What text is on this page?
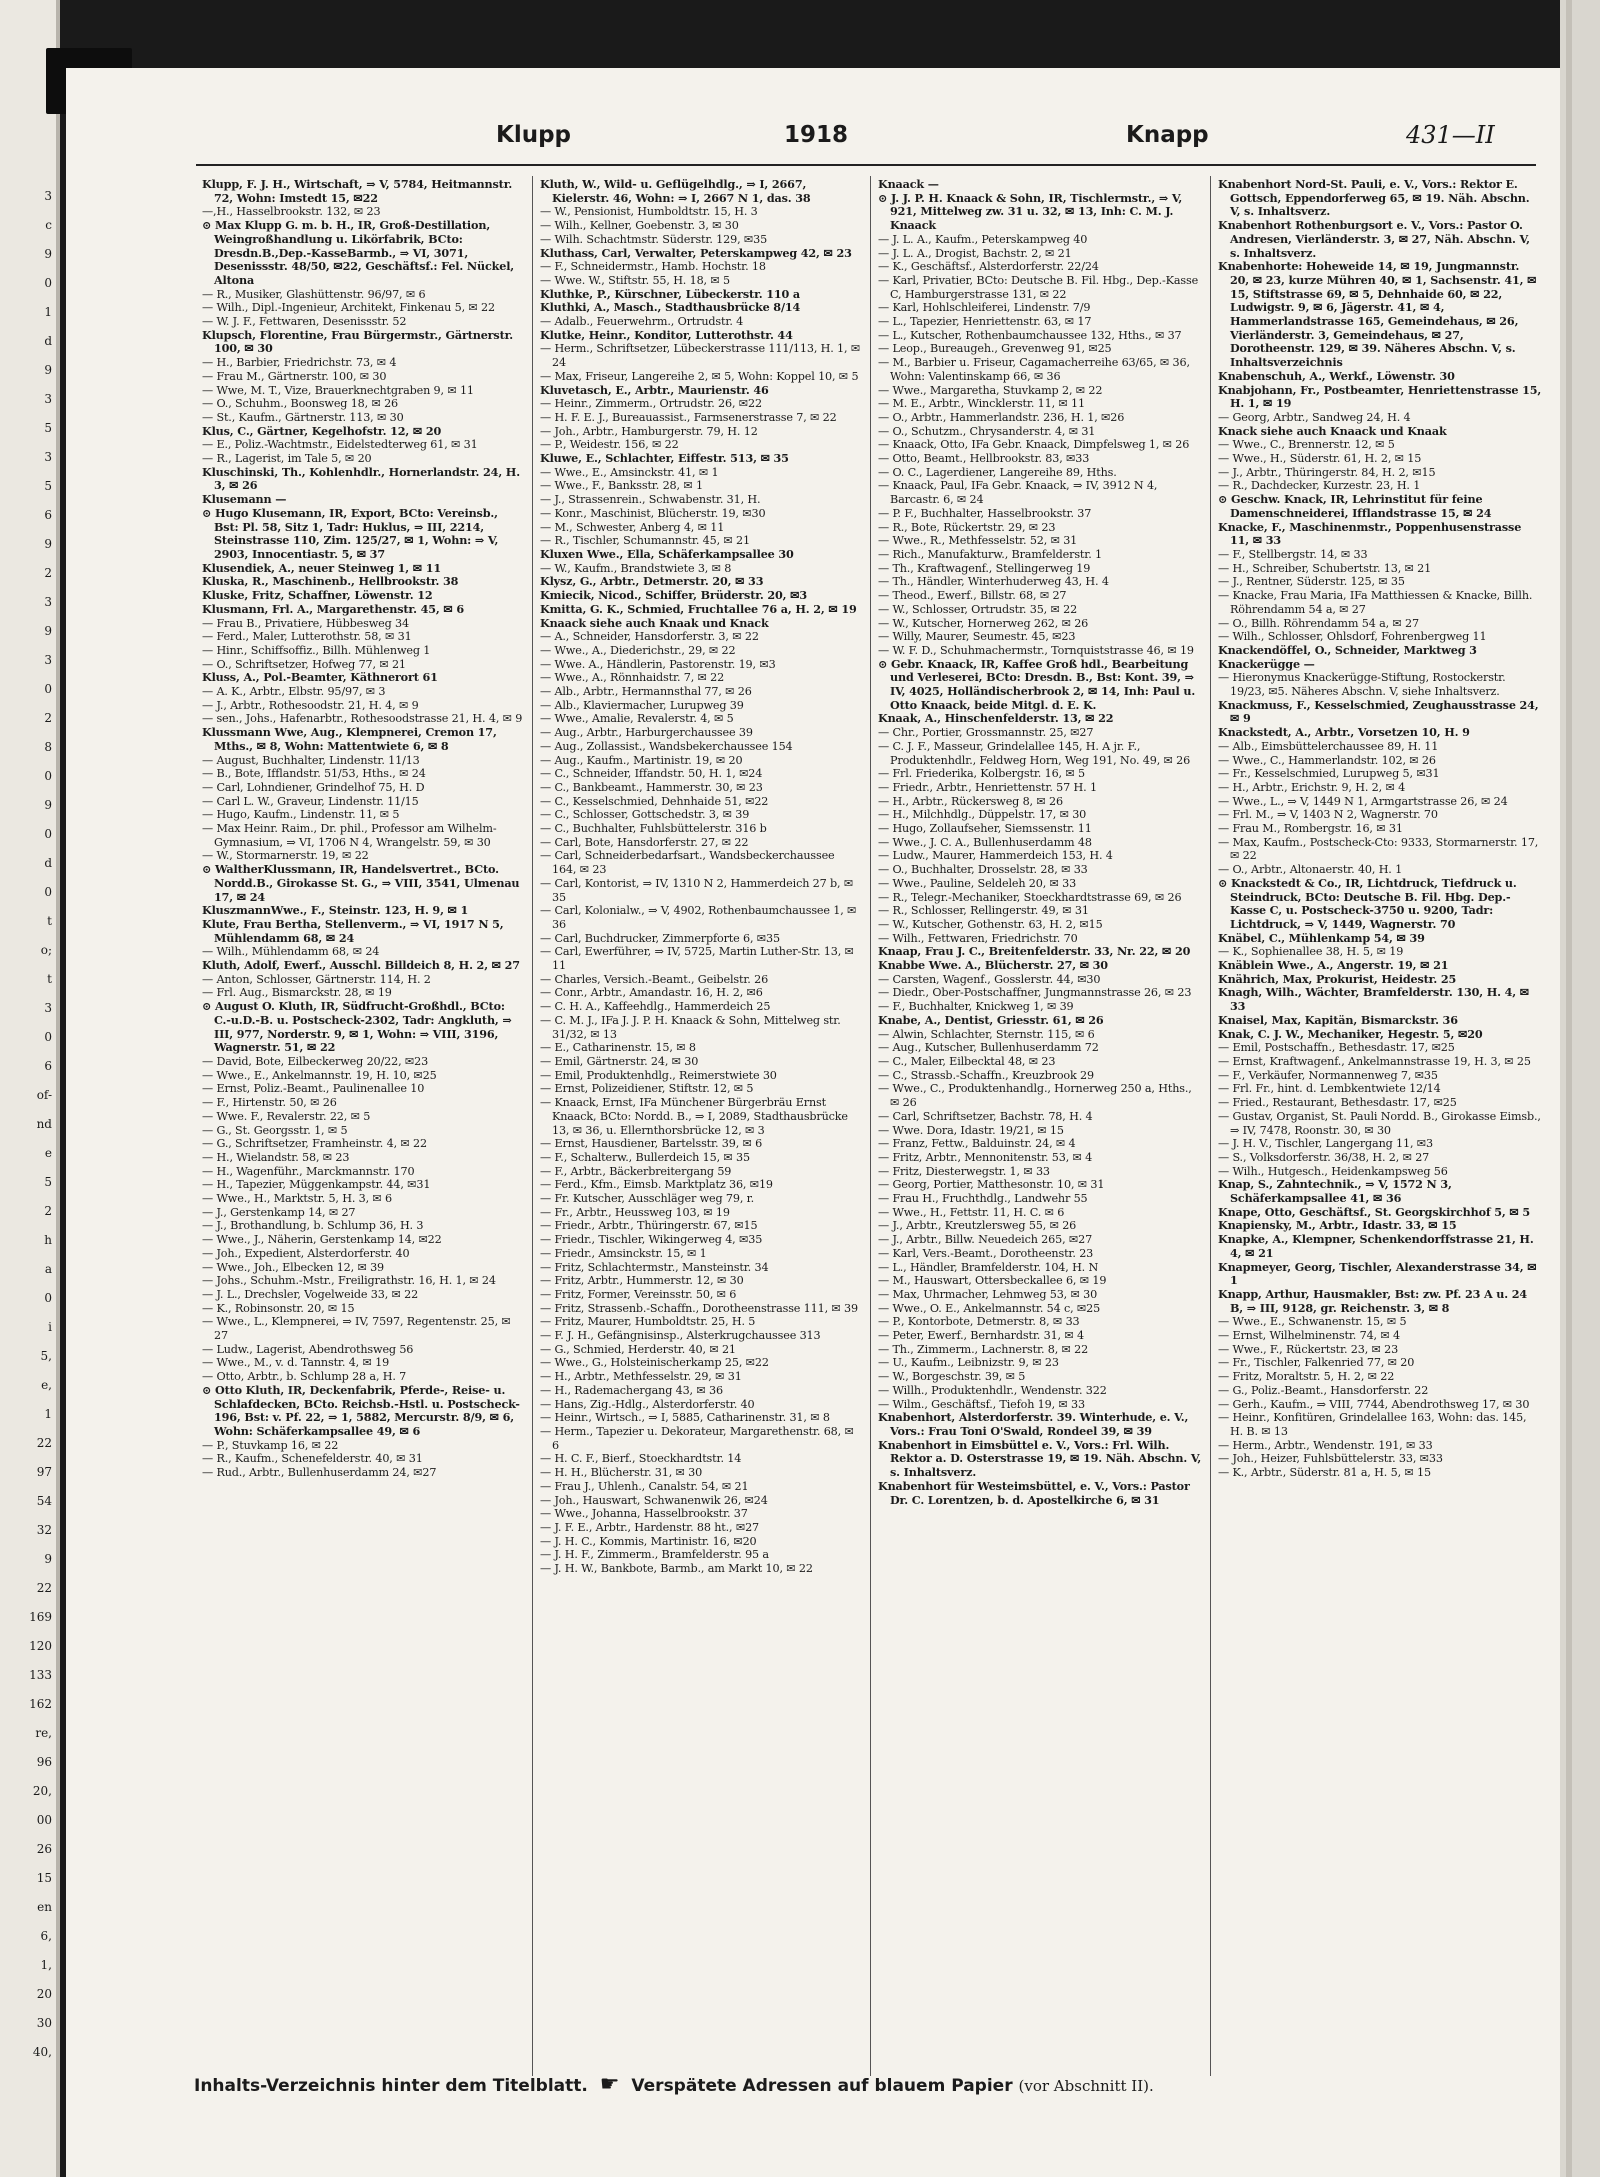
3
c
9
0
1
d
9
3
5
3
5
6
9
2
3
9
3
0
2
8
0
9
0
d
0
t
o;
t
3
0
6
of-
nd
e
5
2
h
a
0
i
5,
e,
1
22
97
54
32
9
22
169
120
133
162
re,
96
20,
00
26
15
en
6,
1,
20
30
40,
Klupp	1918	Knapp	431—II

Klupp, F. J. H., Wirtschaft, ⇒ V, 5784, Heitmannstr. 72, Wohn: Imstedt 15, ✉22

—,H., Hasselbrookstr. 132, ✉ 23

⊙ Max Klupp G. m. b. H., IR, Groß-Destillation, Weingroßhandlung u. Likörfabrik, BCto: Dresdn.B.,Dep.-KasseBarmb., ⇒ VI, 3071, Desenissstr. 48/50, ✉22, Geschäftsf.: Fel. Nückel, Altona

— R., Musiker, Glashüttenstr. 96/97, ✉ 6

— Wilh., Dipl.-Ingenieur, Architekt, Finkenau 5, ✉ 22

— W. J. F., Fettwaren, Desenissstr. 52

Klupsch, Florentine, Frau Bürgermstr., Gärtnerstr. 100, ✉ 30

— H., Barbier, Friedrichstr. 73, ✉ 4

— Frau M., Gärtnerstr. 100, ✉ 30

— Wwe, M. T., Vize, Brauerknechtgraben 9, ✉ 11

— O., Schuhm., Boonsweg 18, ✉ 26

— St., Kaufm., Gärtnerstr. 113, ✉ 30

Klus, C., Gärtner, Kegelhofstr. 12, ✉ 20

— E., Poliz.-Wachtmstr., Eidelstedterweg 61, ✉ 31

— R., Lagerist, im Tale 5, ✉ 20

Kluschinski, Th., Kohlenhdlr., Hornerlandstr. 24, H. 3, ✉ 26

Klusemann —

⊙ Hugo Klusemann, IR, Export, BCto: Vereinsb., Bst: Pl. 58, Sitz 1, Tadr: Huklus, ⇒ III, 2214, Steinstrasse 110, Zim. 125/27, ✉ 1, Wohn: ⇒ V, 2903, Innocentiastr. 5, ✉ 37

Klusendiek, A., neuer Steinweg 1, ✉ 11

Kluska, R., Maschinenb., Hellbrookstr. 38

Kluske, Fritz, Schaffner, Löwenstr. 12

Klusmann, Frl. A., Margarethenstr. 45, ✉ 6

— Frau B., Privatiere, Hübbesweg 34

— Ferd., Maler, Lutterothstr. 58, ✉ 31

— Hinr., Schiffsoffiz., Billh. Mühlenweg 1

— O., Schriftsetzer, Hofweg 77, ✉ 21

Kluss, A., Pol.-Beamter, Käthnerort 61

— A. K., Arbtr., Elbstr. 95/97, ✉ 3

— J., Arbtr., Rothesoodstr. 21, H. 4, ✉ 9

— sen., Johs., Hafenarbtr., Rothesoodstrasse 21, H. 4, ✉ 9

Klussmann Wwe, Aug., Klempnerei, Cremon 17, Mths., ✉ 8, Wohn: Mattentwiete 6, ✉ 8

— August, Buchhalter, Lindenstr. 11/13

— B., Bote, Ifflandstr. 51/53, Hths., ✉ 24

— Carl, Lohndiener, Grindelhof 75, H. D

— Carl L. W., Graveur, Lindenstr. 11/15

— Hugo, Kaufm., Lindenstr. 11, ✉ 5

— Max Heinr. Raim., Dr. phil., Professor am Wilhelm-Gymnasium, ⇒ VI, 1706 N 4, Wrangelstr. 59, ✉ 30

— W., Stormarnerstr. 19, ✉ 22

⊙ WaltherKlussmann, IR, Handelsvertret., BCto. Nordd.B., Girokasse St. G., ⇒ VIII, 3541, Ulmenau 17, ✉ 24

KluszmannWwe., F., Steinstr. 123, H. 9, ✉ 1

Klute, Frau Bertha, Stellenverm., ⇒ VI, 1917 N 5, Mühlendamm 68, ✉ 24

— Wilh., Mühlendamm 68, ✉ 24

Kluth, Adolf, Ewerf., Ausschl. Billdeich 8, H. 2, ✉ 27

— Anton, Schlosser, Gärtnerstr. 114, H. 2

— Frl. Aug., Bismarckstr. 28, ✉ 19

⊙ August O. Kluth, IR, Südfrucht-Großhdl., BCto: C.-u.D.-B. u. Postscheck-2302, Tadr: Angkluth, ⇒ III, 977, Norderstr. 9, ✉ 1, Wohn: ⇒ VIII, 3196, Wagnerstr. 51, ✉ 22

— David, Bote, Eilbeckerweg 20/22, ✉23

— Wwe., E., Ankelmannstr. 19, H. 10, ✉25

— Ernst, Poliz.-Beamt., Paulinenallee 10

— F., Hirtenstr. 50, ✉ 26

— Wwe. F., Revalerstr. 22, ✉ 5

— G., St. Georgsstr. 1, ✉ 5

— G., Schriftsetzer, Framheinstr. 4, ✉ 22

— H., Wielandstr. 58, ✉ 23

— H., Wagenführ., Marckmannstr. 170

— H., Tapezier, Müggenkampstr. 44, ✉31

— Wwe., H., Marktstr. 5, H. 3, ✉ 6

— J., Gerstenkamp 14, ✉ 27

— J., Brothandlung, b. Schlump 36, H. 3

— Wwe., J., Näherin, Gerstenkamp 14, ✉22

— Joh., Expedient, Alsterdorferstr. 40

— Wwe., Joh., Elbecken 12, ✉ 39

— Johs., Schuhm.-Mstr., Freiligrathstr. 16, H. 1, ✉ 24

— J. L., Drechsler, Vogelweide 33, ✉ 22

— K., Robinsonstr. 20, ✉ 15

— Wwe., L., Klempnerei, ⇒ IV, 7597, Regentenstr. 25, ✉ 27

— Ludw., Lagerist, Abendrothsweg 56

— Wwe., M., v. d. Tannstr. 4, ✉ 19

— Otto, Arbtr., b. Schlump 28 a, H. 7

⊙ Otto Kluth, IR, Deckenfabrik, Pferde-, Reise- u. Schlafdecken, BCto. Reichsb.-Hstl. u. Postscheck-196, Bst: v. Pf. 22, ⇒ 1, 5882, Mercurstr. 8/9, ✉ 6, Wohn: Schäferkampsallee 49, ✉ 6

— P., Stuvkamp 16, ✉ 22

— R., Kaufm., Schenefelderstr. 40, ✉ 31

— Rud., Arbtr., Bullenhuserdamm 24, ✉27

Kluth, W., Wild- u. Geflügelhdlg., ⇒ I, 2667, Kielerstr. 46, Wohn: ⇒ I, 2667 N 1, das. 38

— W., Pensionist, Humboldtstr. 15, H. 3

— Wilh., Kellner, Goebenstr. 3, ✉ 30

— Wilh. Schachtmstr. Süderstr. 129, ✉35

Kluthass, Carl, Verwalter, Peterskampweg 42, ✉ 23

— F., Schneidermstr., Hamb. Hochstr. 18

— Wwe. W., Stiftstr. 55, H. 18, ✉ 5

Kluthke, P., Kürschner, Lübeckerstr. 110 a

Kluthki, A., Masch., Stadthausbrücke 8/14

— Adalb., Feuerwehrm., Ortrudstr. 4

Klutke, Heinr., Konditor, Lutterothstr. 44

— Herm., Schriftsetzer, Lübeckerstrasse 111/113, H. 1, ✉ 24

— Max, Friseur, Langereihe 2, ✉ 5, Wohn: Koppel 10, ✉ 5

Kluvetasch, E., Arbtr., Maurienstr. 46

— Heinr., Zimmerm., Ortrudstr. 26, ✉22

— H. F. E. J., Bureauassist., Farmsenerstrasse 7, ✉ 22

— Joh., Arbtr., Hamburgerstr. 79, H. 12

— P., Weidestr. 156, ✉ 22

Kluwe, E., Schlachter, Eiffestr. 513, ✉ 35

— Wwe., E., Amsinckstr. 41, ✉ 1

— Wwe., F., Banksstr. 28, ✉ 1

— J., Strassenrein., Schwabenstr. 31, H.

— Konr., Maschinist, Blücherstr. 19, ✉30

— M., Schwester, Anberg 4, ✉ 11

— R., Tischler, Schumannstr. 45, ✉ 21

Kluxen Wwe., Ella, Schäferkampsallee 30

— W., Kaufm., Brandstwiete 3, ✉ 8

Klysz, G., Arbtr., Detmerstr. 20, ✉ 33

Kmiecik, Nicod., Schiffer, Brüderstr. 20, ✉3

Kmitta, G. K., Schmied, Fruchtallee 76 a, H. 2, ✉ 19

Knaack siehe auch Knaak und Knack

— A., Schneider, Hansdorferstr. 3, ✉ 22

— Wwe., A., Diederichstr., 29, ✉ 22

— Wwe. A., Händlerin, Pastorenstr. 19, ✉3

— Wwe., A., Rönnhaidstr. 7, ✉ 22

— Alb., Arbtr., Hermannsthal 77, ✉ 26

— Alb., Klaviermacher, Lurupweg 39

— Wwe., Amalie, Revalerstr. 4, ✉ 5

— Aug., Arbtr., Harburgerchaussee 39

— Aug., Zollassist., Wandsbekerchaussee 154

— Aug., Kaufm., Martinistr. 19, ✉ 20

— C., Schneider, Iffandstr. 50, H. 1, ✉24

— C., Bankbeamt., Hammerstr. 30, ✉ 23

— C., Kesselschmied, Dehnhaide 51, ✉22

— C., Schlosser, Gottschedstr. 3, ✉ 39

— C., Buchhalter, Fuhlsbüttelerstr. 316 b

— Carl, Bote, Hansdorferstr. 27, ✉ 22

— Carl, Schneiderbedarfsart., Wandsbeckerchaussee 164, ✉ 23

— Carl, Kontorist, ⇒ IV, 1310 N 2, Hammerdeich 27 b, ✉ 35

— Carl, Kolonialw., ⇒ V, 4902, Rothenbaumchaussee 1, ✉ 36

— Carl, Buchdrucker, Zimmerpforte 6, ✉35

— Carl, Ewerführer, ⇒ IV, 5725, Martin Luther-Str. 13, ✉ 11

— Charles, Versich.-Beamt., Geibelstr. 26

— Conr., Arbtr., Amandastr. 16, H. 2, ✉6

— C. H. A., Kaffeehdlg., Hammerdeich 25

— C. M. J., IFa J. J. P. H. Knaack & Sohn, Mittelweg str. 31/32, ✉ 13

— E., Catharinenstr. 15, ✉ 8

— Emil, Gärtnerstr. 24, ✉ 30

— Emil, Produktenhdlg., Reimerstwiete 30

— Ernst, Polizeidiener, Stiftstr. 12, ✉ 5

— Knaack, Ernst, IFa Münchener Bürgerbräu Ernst Knaack, BCto: Nordd. B., ⇒ I, 2089, Stadthausbrücke 13, ✉ 36, u. Ellernthorsbrücke 12, ✉ 3

— Ernst, Hausdiener, Bartelsstr. 39, ✉ 6

— F., Schalterw., Bullerdeich 15, ✉ 35

— F., Arbtr., Bäckerbreitergang 59

— Ferd., Kfm., Eimsb. Marktplatz 36, ✉19

— Fr. Kutscher, Ausschläger weg 79, r.

— Fr., Arbtr., Heussweg 103, ✉ 19

— Friedr., Arbtr., Thüringerstr. 67, ✉15

— Friedr., Tischler, Wikingerweg 4, ✉35

— Friedr., Amsinckstr. 15, ✉ 1

— Fritz, Schlachtermstr., Mansteinstr. 34

— Fritz, Arbtr., Hummerstr. 12, ✉ 30

— Fritz, Former, Vereinsstr. 50, ✉ 6

— Fritz, Strassenb.-Schaffn., Dorotheenstrasse 111, ✉ 39

— Fritz, Maurer, Humboldtstr. 25, H. 5

— F. J. H., Gefängnisinsp., Alsterkrugchaussee 313

— G., Schmied, Herderstr. 40, ✉ 21

— Wwe., G., Holsteinischerkamp 25, ✉22

— H., Arbtr., Methfesselstr. 29, ✉ 31

— H., Rademachergang 43, ✉ 36

— Hans, Zig.-Hdlg., Alsterdorferstr. 40

— Heinr., Wirtsch., ⇒ I, 5885, Catharinenstr. 31, ✉ 8

— Herm., Tapezier u. Dekorateur, Margarethenstr. 68, ✉ 6

— H. C. F., Bierf., Stoeckhardtstr. 14

— H. H., Blücherstr. 31, ✉ 30

— Frau J., Uhlenh., Canalstr. 54, ✉ 21

— Joh., Hauswart, Schwanenwik 26, ✉24

— Wwe., Johanna, Hasselbrookstr. 37

— J. F. E., Arbtr., Hardenstr. 88 ht., ✉27

— J. H. C., Kommis, Martinistr. 16, ✉20

— J. H. F., Zimmerm., Bramfelderstr. 95 a

— J. H. W., Bankbote, Barmb., am Markt 10, ✉ 22

Knaack —

⊙ J. J. P. H. Knaack & Sohn, IR, Tischlermstr., ⇒ V, 921, Mittelweg zw. 31 u. 32, ✉ 13, Inh: C. M. J. Knaack

— J. L. A., Kaufm., Peterskampweg 40

— J. L. A., Drogist, Bachstr. 2, ✉ 21

— K., Geschäftsf., Alsterdorferstr. 22/24

— Karl, Privatier, BCto: Deutsche B. Fil. Hbg., Dep.-Kasse C, Hamburgerstrasse 131, ✉ 22

— Karl, Hohlschleiferei, Lindenstr. 7/9

— L., Tapezier, Henriettenstr. 63, ✉ 17

— L., Kutscher, Rothenbaumchaussee 132, Hths., ✉ 37

— Leop., Bureaugeh., Grevenweg 91, ✉25

— M., Barbier u. Friseur, Cagamacherreihe 63/65, ✉ 36, Wohn: Valentinskamp 66, ✉ 36

— Wwe., Margaretha, Stuvkamp 2, ✉ 22

— M. E., Arbtr., Wincklerstr. 11, ✉ 11

— O., Arbtr., Hammerlandstr. 236, H. 1, ✉26

— O., Schutzm., Chrysanderstr. 4, ✉ 31

— Knaack, Otto, IFa Gebr. Knaack, Dimpfelsweg 1, ✉ 26

— Otto, Beamt., Hellbrookstr. 83, ✉33

— O. C., Lagerdiener, Langereihe 89, Hths.

— Knaack, Paul, IFa Gebr. Knaack, ⇒ IV, 3912 N 4, Barcastr. 6, ✉ 24

— P. F., Buchhalter, Hasselbrookstr. 37

— R., Bote, Rückertstr. 29, ✉ 23

— Wwe., R., Methfesselstr. 52, ✉ 31

— Rich., Manufakturw., Bramfelderstr. 1

— Th., Kraftwagenf., Stellingerweg 19

— Th., Händler, Winterhuderweg 43, H. 4

— Theod., Ewerf., Billstr. 68, ✉ 27

— W., Schlosser, Ortrudstr. 35, ✉ 22

— W., Kutscher, Hornerweg 262, ✉ 26

— Willy, Maurer, Seumestr. 45, ✉23

— W. F. D., Schuhmachermstr., Tornquiststrasse 46, ✉ 19

⊙ Gebr. Knaack, IR, Kaffee Groß hdl., Bearbeitung und Verleserei, BCto: Dresdn. B., Bst: Kont. 39, ⇒ IV, 4025, Holländischerbrook 2, ✉ 14, Inh: Paul u. Otto Knaack, beide Mitgl. d. E. K.

Knaak, A., Hinschenfelderstr. 13, ✉ 22

— Chr., Portier, Grossmannstr. 25, ✉27

— C. J. F., Masseur, Grindelallee 145, H. A jr. F., Produktenhdlr., Feldweg Horn, Weg 191, No. 49, ✉ 26

— Frl. Friederika, Kolbergstr. 16, ✉ 5

— Friedr., Arbtr., Henriettenstr. 57 H. 1

— H., Arbtr., Rückersweg 8, ✉ 26

— H., Milchhdlg., Düppelstr. 17, ✉ 30

— Hugo, Zollaufseher, Siemssenstr. 11

— Wwe., J. C. A., Bullenhuserdamm 48

— Ludw., Maurer, Hammerdeich 153, H. 4

— O., Buchhalter, Drosselstr. 28, ✉ 33

— Wwe., Pauline, Seldeleh 20, ✉ 33

— R., Telegr.-Mechaniker, Stoeckhardtstrasse 69, ✉ 26

— R., Schlosser, Rellingerstr. 49, ✉ 31

— W., Kutscher, Gothenstr. 63, H. 2, ✉15

— Wilh., Fettwaren, Friedrichstr. 70

Knaap, Frau J. C., Breitenfelderstr. 33, Nr. 22, ✉ 20

Knabbe Wwe. A., Blücherstr. 27, ✉ 30

— Carsten, Wagenf., Gosslerstr. 44, ✉30

— Diedr., Ober-Postschaffner, Jungmannstrasse 26, ✉ 23

— F., Buchhalter, Knickweg 1, ✉ 39

Knabe, A., Dentist, Griesstr. 61, ✉ 26

— Alwin, Schlachter, Sternstr. 115, ✉ 6

— Aug., Kutscher, Bullenhuserdamm 72

— C., Maler, Eilbecktal 48, ✉ 23

— C., Strassb.-Schaffn., Kreuzbrook 29

— Wwe., C., Produktenhandlg., Hornerweg 250 a, Hths., ✉ 26

— Carl, Schriftsetzer, Bachstr. 78, H. 4

— Wwe. Dora, Idastr. 19/21, ✉ 15

— Franz, Fettw., Balduinstr. 24, ✉ 4

— Fritz, Arbtr., Mennonitenstr. 53, ✉ 4

— Fritz, Diesterwegstr. 1, ✉ 33

— Georg, Portier, Matthesonstr. 10, ✉ 31

— Frau H., Fruchthdlg., Landwehr 55

— Wwe., H., Fettstr. 11, H. C. ✉ 6

— J., Arbtr., Kreutzlersweg 55, ✉ 26

— J., Arbtr., Billw. Neuedeich 265, ✉27

— Karl, Vers.-Beamt., Dorotheenstr. 23

— L., Händler, Bramfelderstr. 104, H. N

— M., Hauswart, Ottersbeckallee 6, ✉ 19

— Max, Uhrmacher, Lehmweg 53, ✉ 30

— Wwe., O. E., Ankelmannstr. 54 c, ✉25

— P., Kontorbote, Detmerstr. 8, ✉ 33

— Peter, Ewerf., Bernhardstr. 31, ✉ 4

— Th., Zimmerm., Lachnerstr. 8, ✉ 22

— U., Kaufm., Leibnizstr. 9, ✉ 23

— W., Borgeschstr. 39, ✉ 5

— Willh., Produktenhdlr., Wendenstr. 322

— Wilm., Geschäftsf., Tiefoh 19, ✉ 33

Knabenhort, Alsterdorferstr. 39. Winterhude, e. V., Vors.: Frau Toni O'Swald, Rondeel 39, ✉ 39

Knabenhort in Eimsbüttel e. V., Vors.: Frl. Wilh. Rektor a. D. Osterstrasse 19, ✉ 19. Näh. Abschn. V, s. Inhaltsverz.

Knabenhort für Westeimsbüttel, e. V., Vors.: Pastor Dr. C. Lorentzen, b. d. Apostelkirche 6, ✉ 31

Knabenhort Nord-St. Pauli, e. V., Vors.: Rektor E. Gottsch, Eppendorferweg 65, ✉ 19. Näh. Abschn. V, s. Inhaltsverz.

Knabenhort Rothenburgsort e. V., Vors.: Pastor O. Andresen, Vierländerstr. 3, ✉ 27, Näh. Abschn. V, s. Inhaltsverz.

Knabenhorte: Hoheweide 14, ✉ 19, Jungmannstr. 20, ✉ 23, kurze Mühren 40, ✉ 1, Sachsenstr. 41, ✉ 15, Stiftstrasse 69, ✉ 5, Dehnhaide 60, ✉ 22, Ludwigstr. 9, ✉ 6, Jägerstr. 41, ✉ 4, Hammerlandstrasse 165, Gemeindehaus, ✉ 26, Vierländerstr. 3, Gemeindehaus, ✉ 27, Dorotheenstr. 129, ✉ 39. Näheres Abschn. V, s. Inhaltsverzeichnis

Knabenschuh, A., Werkf., Löwenstr. 30

Knabjohann, Fr., Postbeamter, Henriettenstrasse 15, H. 1, ✉ 19

— Georg, Arbtr., Sandweg 24, H. 4

Knack siehe auch Knaack und Knaak

— Wwe., C., Brennerstr. 12, ✉ 5

— Wwe., H., Süderstr. 61, H. 2, ✉ 15

— J., Arbtr., Thüringerstr. 84, H. 2, ✉15

— R., Dachdecker, Kurzestr. 23, H. 1

⊙ Geschw. Knack, IR, Lehrinstitut für feine Damenschneiderei, Ifflandstrasse 15, ✉ 24

Knacke, F., Maschinenmstr., Poppenhusenstrasse 11, ✉ 33

— F., Stellbergstr. 14, ✉ 33

— H., Schreiber, Schubertstr. 13, ✉ 21

— J., Rentner, Süderstr. 125, ✉ 35

— Knacke, Frau Maria, IFa Matthiessen & Knacke, Billh. Röhrendamm 54 a, ✉ 27

— O., Billh. Röhrendamm 54 a, ✉ 27

— Wilh., Schlosser, Ohlsdorf, Fohrenbergweg 11

Knackendöffel, O., Schneider, Marktweg 3

Knackerügge —

— Hieronymus Knackerügge-Stiftung, Rostockerstr. 19/23, ✉5. Näheres Abschn. V, siehe Inhaltsverz.

Knackmuss, F., Kesselschmied, Zeughausstrasse 24, ✉ 9

Knackstedt, A., Arbtr., Vorsetzen 10, H. 9

— Alb., Eimsbüttelerchaussee 89, H. 11

— Wwe., C., Hammerlandstr. 102, ✉ 26

— Fr., Kesselschmied, Lurupweg 5, ✉31

— H., Arbtr., Erichstr. 9, H. 2, ✉ 4

— Wwe., L., ⇒ V, 1449 N 1, Armgartstrasse 26, ✉ 24

— Frl. M., ⇒ V, 1403 N 2, Wagnerstr. 70

— Frau M., Rombergstr. 16, ✉ 31

— Max, Kaufm., Postscheck-Cto: 9333, Stormarnerstr. 17, ✉ 22

— O., Arbtr., Altonaerstr. 40, H. 1

⊙ Knackstedt & Co., IR, Lichtdruck, Tiefdruck u. Steindruck, BCto: Deutsche B. Fil. Hbg. Dep.-Kasse C, u. Postscheck-3750 u. 9200, Tadr: Lichtdruck, ⇒ V, 1449, Wagnerstr. 70

Knäbel, C., Mühlenkamp 54, ✉ 39

— K., Sophienallee 38, H. 5, ✉ 19

Knäblein Wwe., A., Angerstr. 19, ✉ 21

Knährich, Max, Prokurist, Heidestr. 25

Knagh, Wilh., Wächter, Bramfelderstr. 130, H. 4, ✉ 33

Knaisel, Max, Kapitän, Bismarckstr. 36

Knak, C. J. W., Mechaniker, Hegestr. 5, ✉20

— Emil, Postschaffn., Bethesdastr. 17, ✉25

— Ernst, Kraftwagenf., Ankelmannstrasse 19, H. 3, ✉ 25

— F., Verkäufer, Normannenweg 7, ✉35

— Frl. Fr., hint. d. Lembkentwiete 12/14

— Fried., Restaurant, Bethesdastr. 17, ✉25

— Gustav, Organist, St. Pauli Nordd. B., Girokasse Eimsb., ⇒ IV, 7478, Roonstr. 30, ✉ 30

— J. H. V., Tischler, Langergang 11, ✉3

— S., Volksdorferstr. 36/38, H. 2, ✉ 27

— Wilh., Hutgesch., Heidenkampsweg 56

Knap, S., Zahntechnik., ⇒ V, 1572 N 3, Schäferkampsallee 41, ✉ 36

Knape, Otto, Geschäftsf., St. Georgskirchhof 5, ✉ 5

Knapiensky, M., Arbtr., Idastr. 33, ✉ 15

Knapke, A., Klempner, Schenkendorffstrasse 21, H. 4, ✉ 21

Knapmeyer, Georg, Tischler, Alexanderstrasse 34, ✉ 1

Knapp, Arthur, Hausmakler, Bst: zw. Pf. 23 A u. 24 B, ⇒ III, 9128, gr. Reichenstr. 3, ✉ 8

— Wwe., E., Schwanenstr. 15, ✉ 5

— Ernst, Wilhelminenstr. 74, ✉ 4

— Wwe., F., Rückertstr. 23, ✉ 23

— Fr., Tischler, Falkenried 77, ✉ 20

— Fritz, Moraltstr. 5, H. 2, ✉ 22

— G., Poliz.-Beamt., Hansdorferstr. 22

— Gerh., Kaufm., ⇒ VIII, 7744, Abendrothsweg 17, ✉ 30

— Heinr., Konfitüren, Grindelallee 163, Wohn: das. 145, H. B. ✉ 13

— Herm., Arbtr., Wendenstr. 191, ✉ 33

— Joh., Heizer, Fuhlsbüttelerstr. 33, ✉33

— K., Arbtr., Süderstr. 81 a, H. 5, ✉ 15

Inhalts-Verzeichnis hinter dem Titelblatt. ☛ Verspätete Adressen auf blauem Papier (vor Abschnitt II).
